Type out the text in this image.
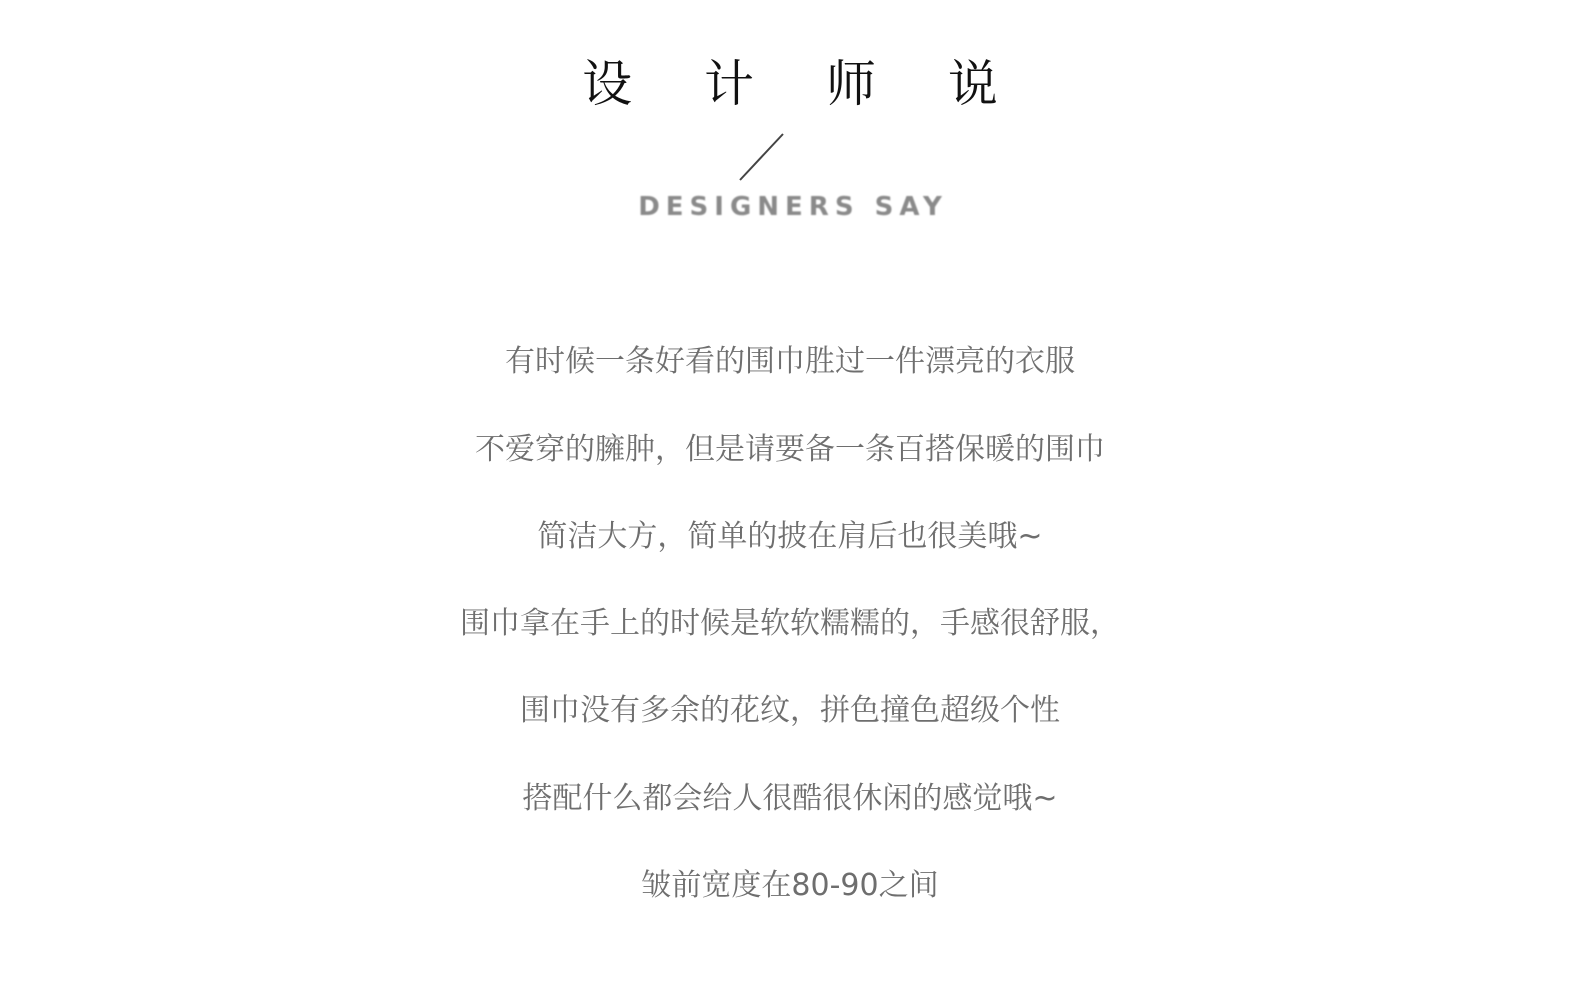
设 计 师 说
DESIGNERS SAY

有时候一条好看的围巾胜过一件漂亮的衣服

不爱穿的臃肿，但是请要备一条百搭保暖的围巾

简洁大方，简单的披在肩后也很美哦~

围巾拿在手上的时候是软软糯糯的，手感很舒服，

围巾没有多余的花纹，拼色撞色超级个性

搭配什么都会给人很酷很休闲的感觉哦~

皱前宽度在80-90之间
